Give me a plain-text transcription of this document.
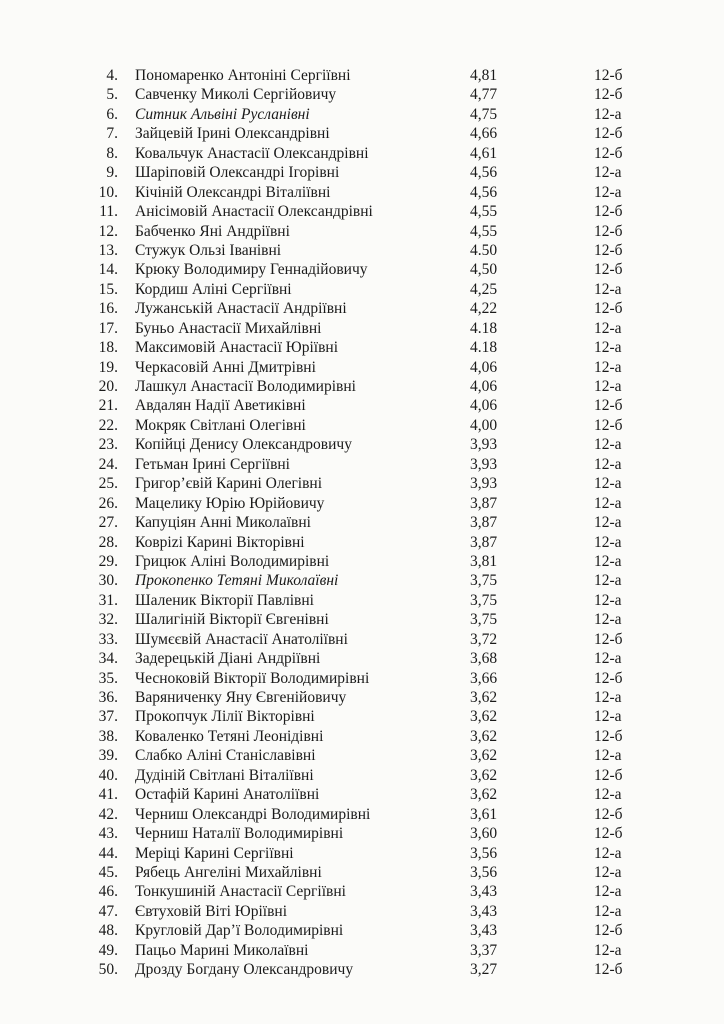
4. Пономаренко Антоніні Сергіївні	4,81	12-б
5. Савченку Миколі Сергійовичу	4,77	12-б
6. Ситник Альвіні Русланівні	4,75	12-а
7. Зайцевій Ірині Олександрівні	4,66	12-б
8. Ковальчук Анастасії Олександрівні	4,61	12-б
9. Шаріповій Олександрі Ігорівні	4,56	12-а
10. Кічіній Олександрі Віталіївні	4,56	12-а
11. Анісімовій Анастасії Олександрівні	4,55	12-б
12. Бабченко Яні Андріївні	4,55	12-б
13. Стужук Ользі Іванівні	4.50	12-б
14. Крюку Володимиру Геннадійовичу	4,50	12-б
15. Кордиш Аліні Сергіївні	4,25	12-а
16. Лужанській Анастасії Андріївні	4,22	12-б
17. Буньо Анастасії Михайлівні	4.18	12-а
18. Максимовій Анастасії Юріївні	4.18	12-а
19. Черкасовій Анні Дмитрівні	4,06	12-а
20. Лашкул Анастасії Володимирівні	4,06	12-а
21. Авдалян Надії Аветиківні	4,06	12-б
22. Мокряк Світлані Олегівні	4,00	12-б
23. Копійці Денису Олександровичу	3,93	12-а
24. Гетьман Ірині Сергіївні	3,93	12-а
25. Григор’євій Карині Олегівні	3,93	12-а
26. Мацелику Юрію Юрійовичу	3,87	12-а
27. Капуціян Анні Миколаївні	3,87	12-а
28. Коврizі Карині Вікторівні	3,87	12-а
29. Грицюк Аліні Володимирівні	3,81	12-а
30. Прокопенко Тетяні Миколаївні	3,75	12-а
31. Шаленик Вікторії Павлівні	3,75	12-а
32. Шалигіній Вікторії Євгенівні	3,75	12-а
33. Шумєєвій Анастасії Анатоліївні	3,72	12-б
34. Задерецькій Діані Андріївні	3,68	12-а
35. Чесноковій Вікторії Володимирівні	3,66	12-б
36. Варяниченку Яну Євгенійовичу	3,62	12-а
37. Прокопчук Лілії Вікторівні	3,62	12-а
38. Коваленко Тетяні Леонідівні	3,62	12-б
39. Слабко Аліні Станіславівні	3,62	12-а
40. Дудіній Світлані Віталіївні	3,62	12-б
41. Остафій Карині Анатоліївні	3,62	12-а
42. Черниш Олександрі Володимирівні	3,61	12-б
43. Черниш Наталії Володимирівні	3,60	12-б
44. Меріці Карині Сергіївні	3,56	12-а
45. Рябець Ангеліні Михайлівні	3,56	12-а
46. Тонкушиній Анастасії Сергіївні	3,43	12-а
47. Євтуховій Віті Юріївні	3,43	12-а
48. Кругловій Дар’ї Володимирівні	3,43	12-б
49. Пацьо Марині Миколаївні	3,37	12-а
50. Дрозду Богдану Олександровичу	3,27	12-б
